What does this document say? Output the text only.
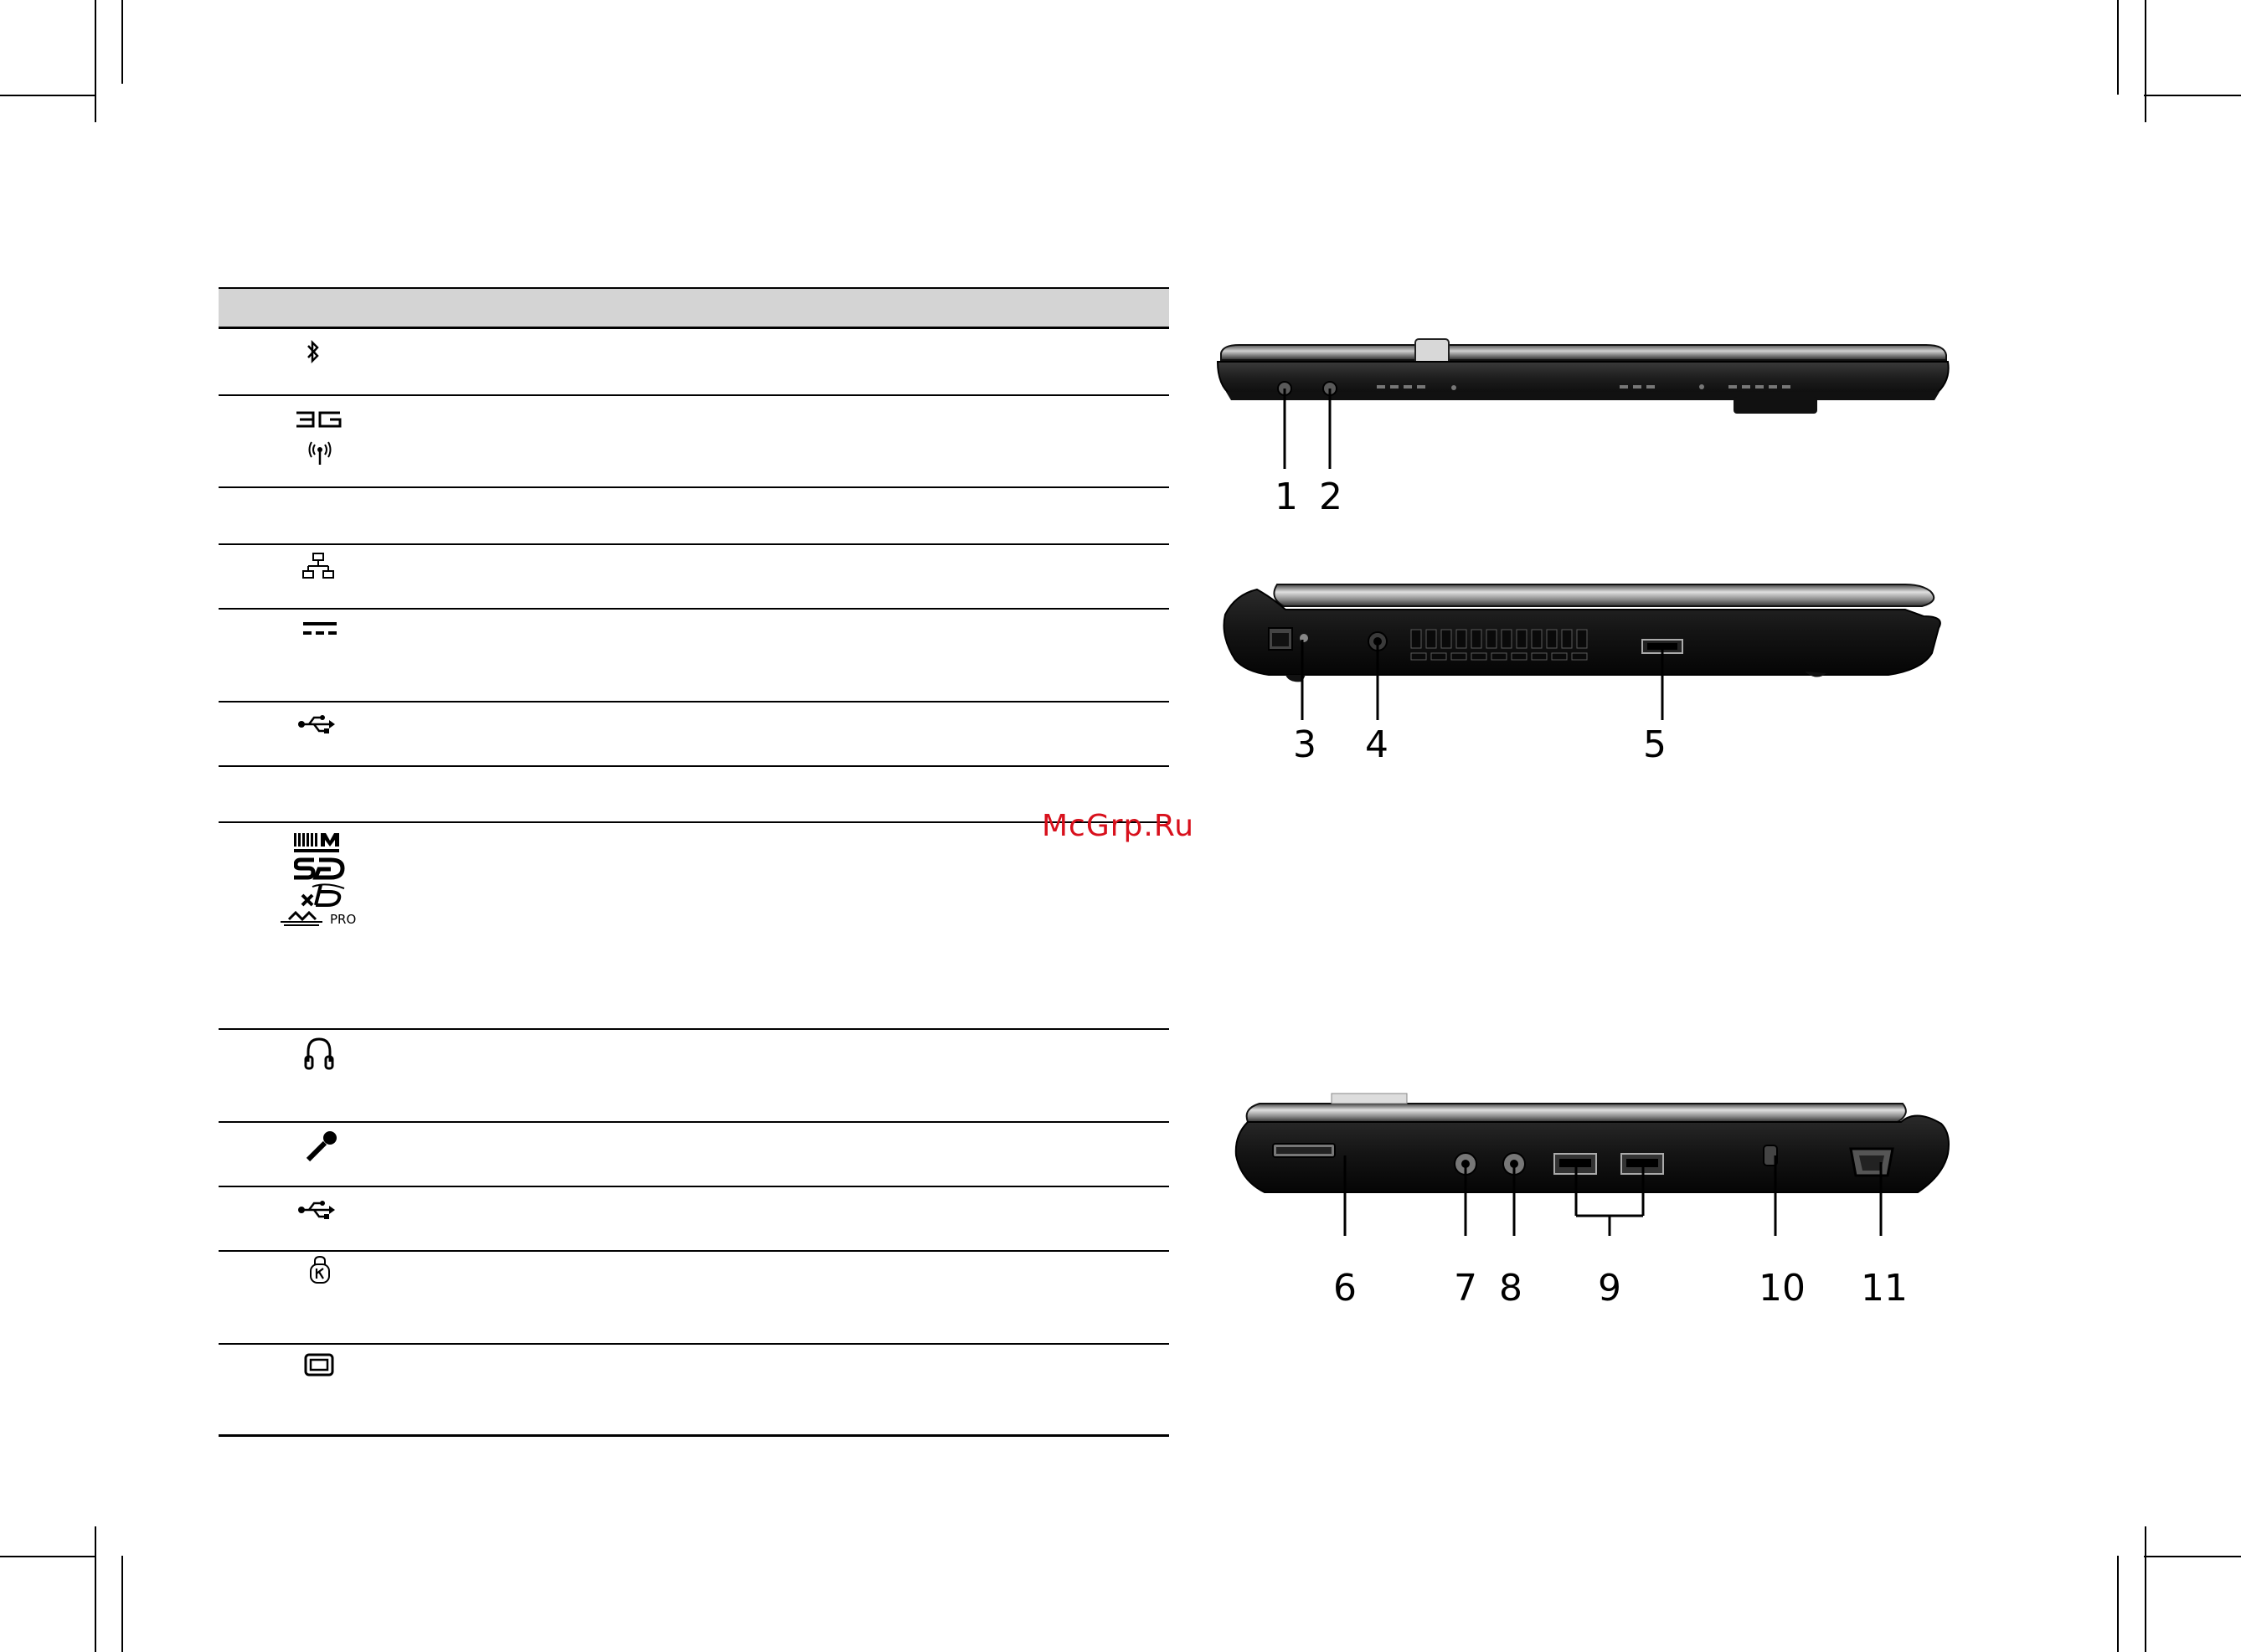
PRO
McGrp.Ru
1 2
3 4	5
6	7 8 9	10 11
